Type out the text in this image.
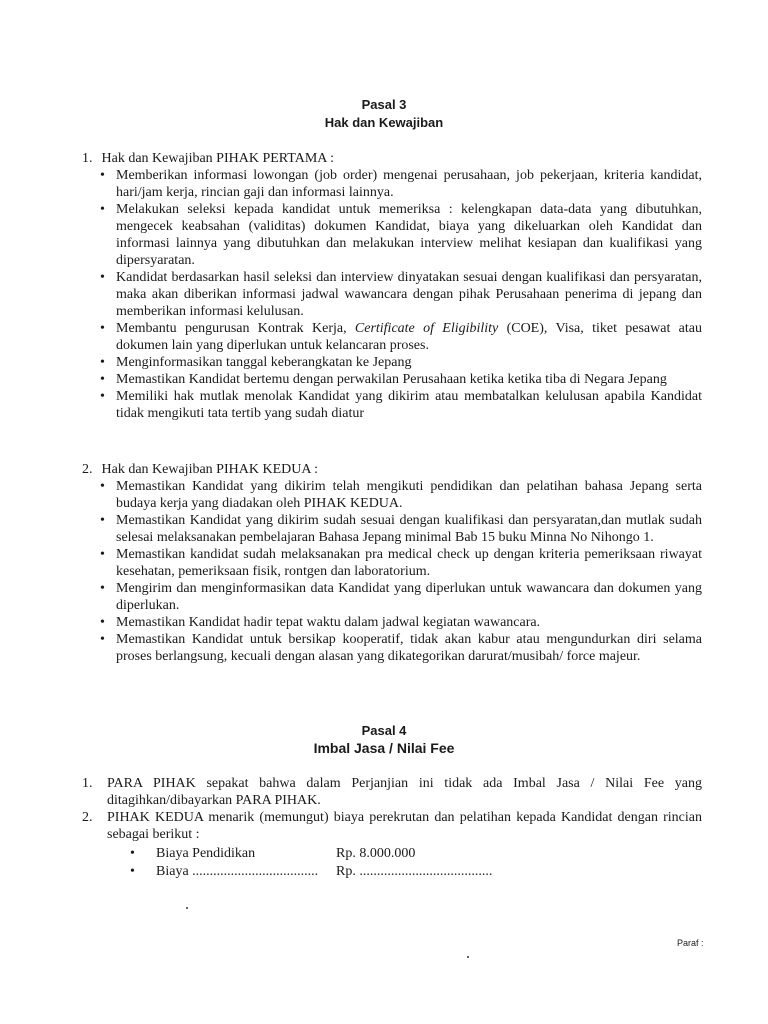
Pasal 3
Hak dan Kewajiban
1. Hak dan Kewajiban PIHAK PERTAMA :
• Memberikan informasi lowongan (job order) mengenai perusahaan, job pekerjaan, kriteria kandidat, hari/jam kerja, rincian gaji dan informasi lainnya.
• Melakukan seleksi kepada kandidat untuk memeriksa : kelengkapan data-data yang dibutuhkan, mengecek keabsahan (validitas) dokumen Kandidat, biaya yang dikeluarkan oleh Kandidat dan informasi lainnya yang dibutuhkan dan melakukan interview melihat kesiapan dan kualifikasi yang dipersyaratan.
• Kandidat berdasarkan hasil seleksi dan interview dinyatakan sesuai dengan kualifikasi dan persyaratan, maka akan diberikan informasi jadwal wawancara dengan pihak Perusahaan penerima di jepang dan memberikan informasi kelulusan.
• Membantu pengurusan Kontrak Kerja, Certificate of Eligibility (COE), Visa, tiket pesawat atau dokumen lain yang diperlukan untuk kelancaran proses.
• Menginformasikan tanggal keberangkatan ke Jepang
• Memastikan Kandidat bertemu dengan perwakilan Perusahaan ketika ketika tiba di Negara Jepang
• Memiliki hak mutlak menolak Kandidat yang dikirim atau membatalkan kelulusan apabila Kandidat tidak mengikuti tata tertib yang sudah diatur
2. Hak dan Kewajiban PIHAK KEDUA :
• Memastikan Kandidat yang dikirim telah mengikuti pendidikan dan pelatihan bahasa Jepang serta budaya kerja yang diadakan oleh PIHAK KEDUA.
• Memastikan Kandidat yang dikirim sudah sesuai dengan kualifikasi dan persyaratan,dan mutlak sudah selesai melaksanakan pembelajaran Bahasa Jepang minimal Bab 15 buku Minna No Nihongo 1.
• Memastikan kandidat sudah melaksanakan pra medical check up dengan kriteria pemeriksaan riwayat kesehatan, pemeriksaan fisik, rontgen dan laboratorium.
• Mengirim dan menginformasikan data Kandidat yang diperlukan untuk wawancara dan dokumen yang diperlukan.
• Memastikan Kandidat hadir tepat waktu dalam jadwal kegiatan wawancara.
• Memastikan Kandidat untuk bersikap kooperatif, tidak akan kabur atau mengundurkan diri selama proses berlangsung, kecuali dengan alasan yang dikategorikan darurat/musibah/ force majeur.
Pasal 4
Imbal Jasa / Nilai Fee
1. PARA PIHAK sepakat bahwa dalam Perjanjian ini tidak ada Imbal Jasa / Nilai Fee yang ditagihkan/dibayarkan PARA PIHAK.
2. PIHAK KEDUA menarik (memungut) biaya perekrutan dan pelatihan kepada Kandidat dengan rincian sebagai berikut :
• Biaya Pendidikan	Rp. 8.000.000
• Biaya .................................... Rp. ......................................
Paraf :
